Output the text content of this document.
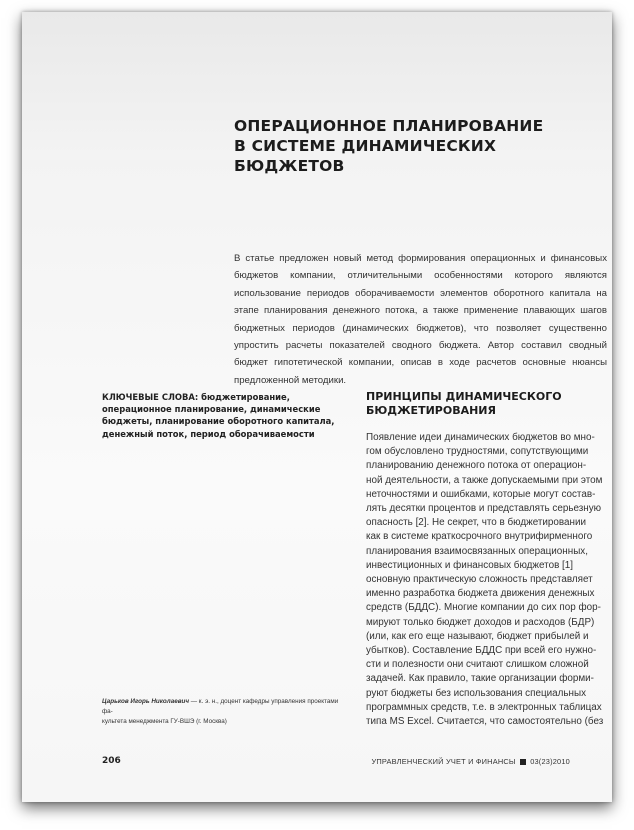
ОПЕРАЦИОННОЕ ПЛАНИРОВАНИЕ
В СИСТЕМЕ ДИНАМИЧЕСКИХ БЮДЖЕТОВ

В статье предложен новый метод формирования операционных и финансовых бюджетов компании, отличительными особенностями которого являются использование периодов оборачиваемости элементов оборотного капитала на этапе планирования денежного потока, а также применение плавающих шагов бюджетных периодов (динамических бюджетов), что позволяет существенно упростить расчеты показателей сводного бюджета. Автор составил сводный бюджет гипотетической компании, описав в ходе расчетов основные нюансы предложенной методики.

КЛЮЧЕВЫЕ СЛОВА: бюджетирование, операционное планирование, динамические бюджеты, планирование оборотного капитала, денежный поток, период оборачиваемости

ПРИНЦИПЫ ДИНАМИЧЕСКОГО
БЮДЖЕТИРОВАНИЯ
Появление идеи динамических бюджетов во мно-
гом обусловлено трудностями, сопутствующими
планированию денежного потока от операцион-
ной деятельности, а также допускаемыми при этом
неточностями и ошибками, которые могут состав-
лять десятки процентов и представлять серьезную
опасность [2]. Не секрет, что в бюджетировании
как в системе краткосрочного внутрифирменного
планирования взаимосвязанных операционных,
инвестиционных и финансовых бюджетов [1]
основную практическую сложность представляет
именно разработка бюджета движения денежных
средств (БДДС). Многие компании до сих пор фор-
мируют только бюджет доходов и расходов (БДР)
(или, как его еще называют, бюджет прибылей и
убытков). Составление БДДС при всей его нужно-
сти и полезности они считают слишком сложной
задачей. Как правило, такие организации форми-
руют бюджеты без использования специальных
программных средств, т.е. в электронных таблицах
типа MS Excel. Считается, что самостоятельно (без

Царьков Игорь Николаевич — к. э. н., доцент кафедры управления проектами фа-
культета менеджмента ГУ-ВШЭ (г. Москва)

206	УПРАВЛЕНЧЕСКИЙ УЧЕТ И ФИНАНСЫ 03(23)2010
